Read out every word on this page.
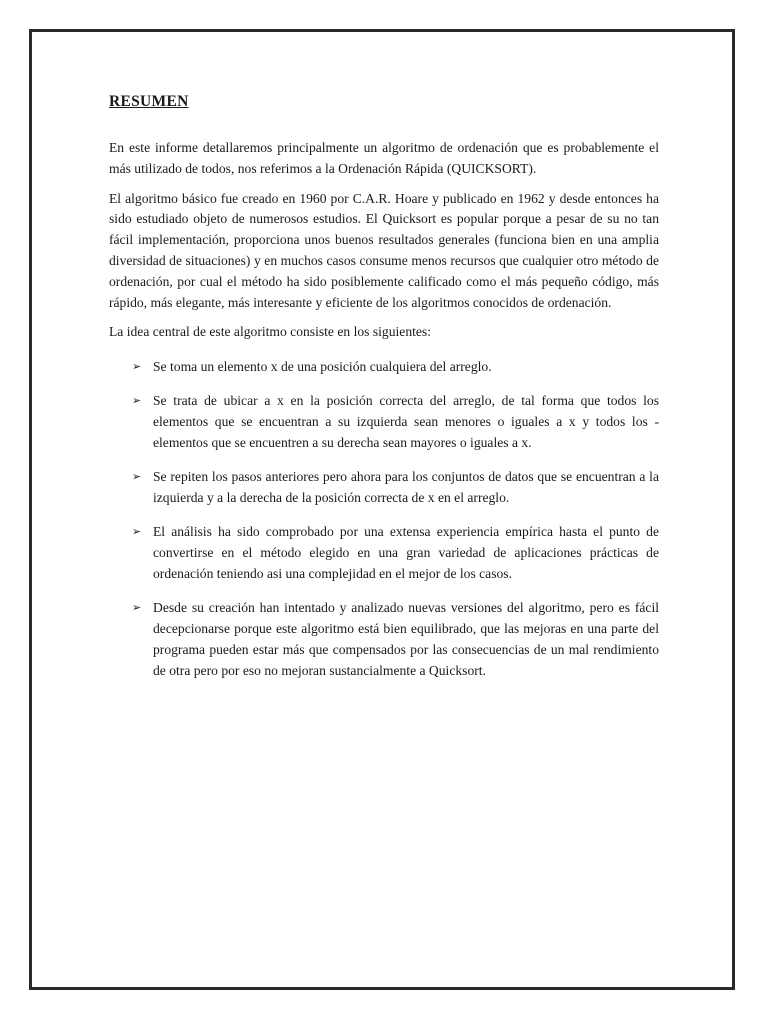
RESUMEN

En este informe detallaremos principalmente un algoritmo de ordenación que es probablemente el más utilizado de todos, nos referimos a la Ordenación Rápida (QUICKSORT).

El algoritmo básico fue creado en 1960 por C.A.R. Hoare y publicado en 1962 y desde entonces ha sido estudiado objeto de numerosos estudios. El Quicksort es popular porque a pesar de su no tan fácil implementación, proporciona unos buenos resultados generales (funciona bien en una amplia diversidad de situaciones) y en muchos casos consume menos recursos que cualquier otro método de ordenación, por cual el método ha sido posiblemente calificado como el más pequeño código, más rápido, más elegante, más interesante y eficiente de los algoritmos conocidos de ordenación.

La idea central de este algoritmo consiste en los siguientes:

➢ Se toma un elemento x de una posición cualquiera del arreglo.
➢ Se trata de ubicar a x en la posición correcta del arreglo, de tal forma que todos los elementos que se encuentran a su izquierda sean menores o iguales a x y todos los -elementos que se encuentren a su derecha sean mayores o iguales a x.
➢ Se repiten los pasos anteriores pero ahora para los conjuntos de datos que se encuentran a la izquierda y a la derecha de la posición correcta de x en el arreglo.
➢ El análisis ha sido comprobado por una extensa experiencia empírica hasta el punto de convertirse en el método elegido en una gran variedad de aplicaciones prácticas de ordenación teniendo asi una complejidad en el mejor de los casos.
➢ Desde su creación han intentado y analizado nuevas versiones del algoritmo, pero es fácil decepcionarse porque este algoritmo está bien equilibrado, que las mejoras en una parte del programa pueden estar más que compensados por las consecuencias de un mal rendimiento de otra pero por eso no mejoran sustancialmente a Quicksort.
